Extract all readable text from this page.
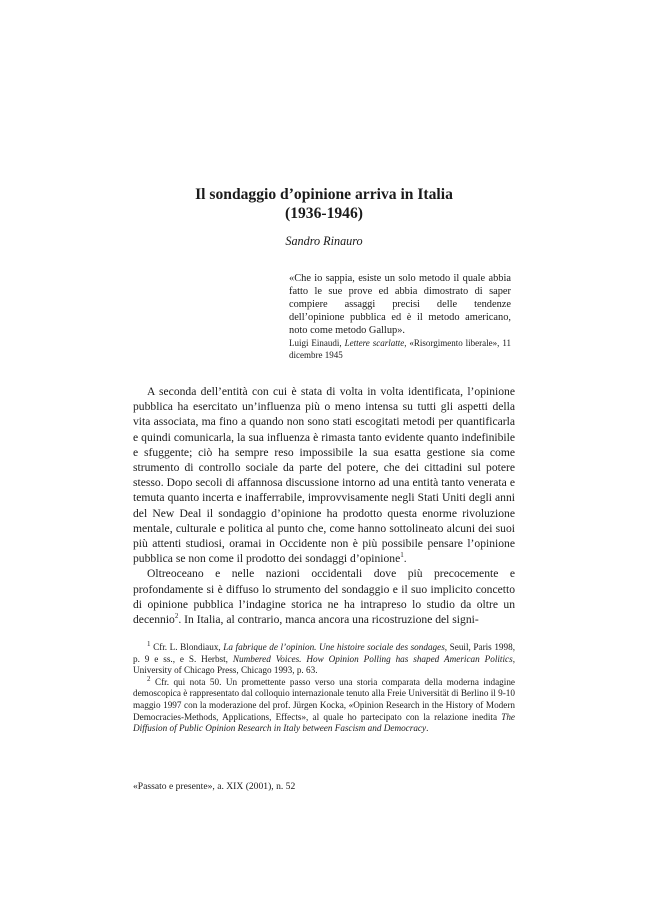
Il sondaggio d’opinione arriva in Italia
(1936-1946)
Sandro Rinauro
«Che io sappia, esiste un solo metodo il quale abbia fatto le sue prove ed abbia dimostrato di saper compiere assaggi precisi delle tendenze dell’opinione pubblica ed è il metodo americano, noto come metodo Gallup».
Luigi Einaudi, Lettere scarlatte, «Risorgimento liberale», 11 dicembre 1945

A seconda dell’entità con cui è stata di volta in volta identificata, l’opinione pubblica ha esercitato un’influenza più o meno intensa su tutti gli aspetti della vita associata, ma fino a quando non sono stati escogitati metodi per quantificarla e quindi comunicarla, la sua influenza è rimasta tanto evidente quanto indefinibile e sfuggente; ciò ha sempre reso impossibile la sua esatta gestione sia come strumento di controllo sociale da parte del potere, che dei cittadini sul potere stesso. Dopo secoli di affannosa discussione intorno ad una entità tanto venerata e temuta quanto incerta e inafferrabile, improvvisamente negli Stati Uniti degli anni del New Deal il sondaggio d’opinione ha prodotto questa enorme rivoluzione mentale, culturale e politica al punto che, come hanno sottolineato alcuni dei suoi più attenti studiosi, oramai in Occidente non è più possibile pensare l’opinione pubblica se non come il prodotto dei sondaggi d’opinione$^1$.

Oltreoceano e nelle nazioni occidentali dove più precocemente e profondamente si è diffuso lo strumento del sondaggio e il suo implicito concetto di opinione pubblica l’indagine storica ne ha intrapreso lo studio da oltre un decennio$^2$. In Italia, al contrario, manca ancora una ricostruzione del signi-

$^1$ Cfr. L. Blondiaux, La fabrique de l’opinion. Une histoire sociale des sondages, Seuil, Paris 1998, p. 9 e ss., e S. Herbst, Numbered Voices. How Opinion Polling has shaped American Politics, University of Chicago Press, Chicago 1993, p. 63.

$^2$ Cfr. qui nota 50. Un promettente passo verso una storia comparata della moderna indagine demoscopica è rappresentato dal colloquio internazionale tenuto alla Freie Universität di Berlino il 9-10 maggio 1997 con la moderazione del prof. Jürgen Kocka, «Opinion Research in the History of Modern Democracies-Methods, Applications, Effects», al quale ho partecipato con la relazione inedita The Diffusion of Public Opinion Research in Italy between Fascism and Democracy.

«Passato e presente», a. XIX (2001), n. 52
